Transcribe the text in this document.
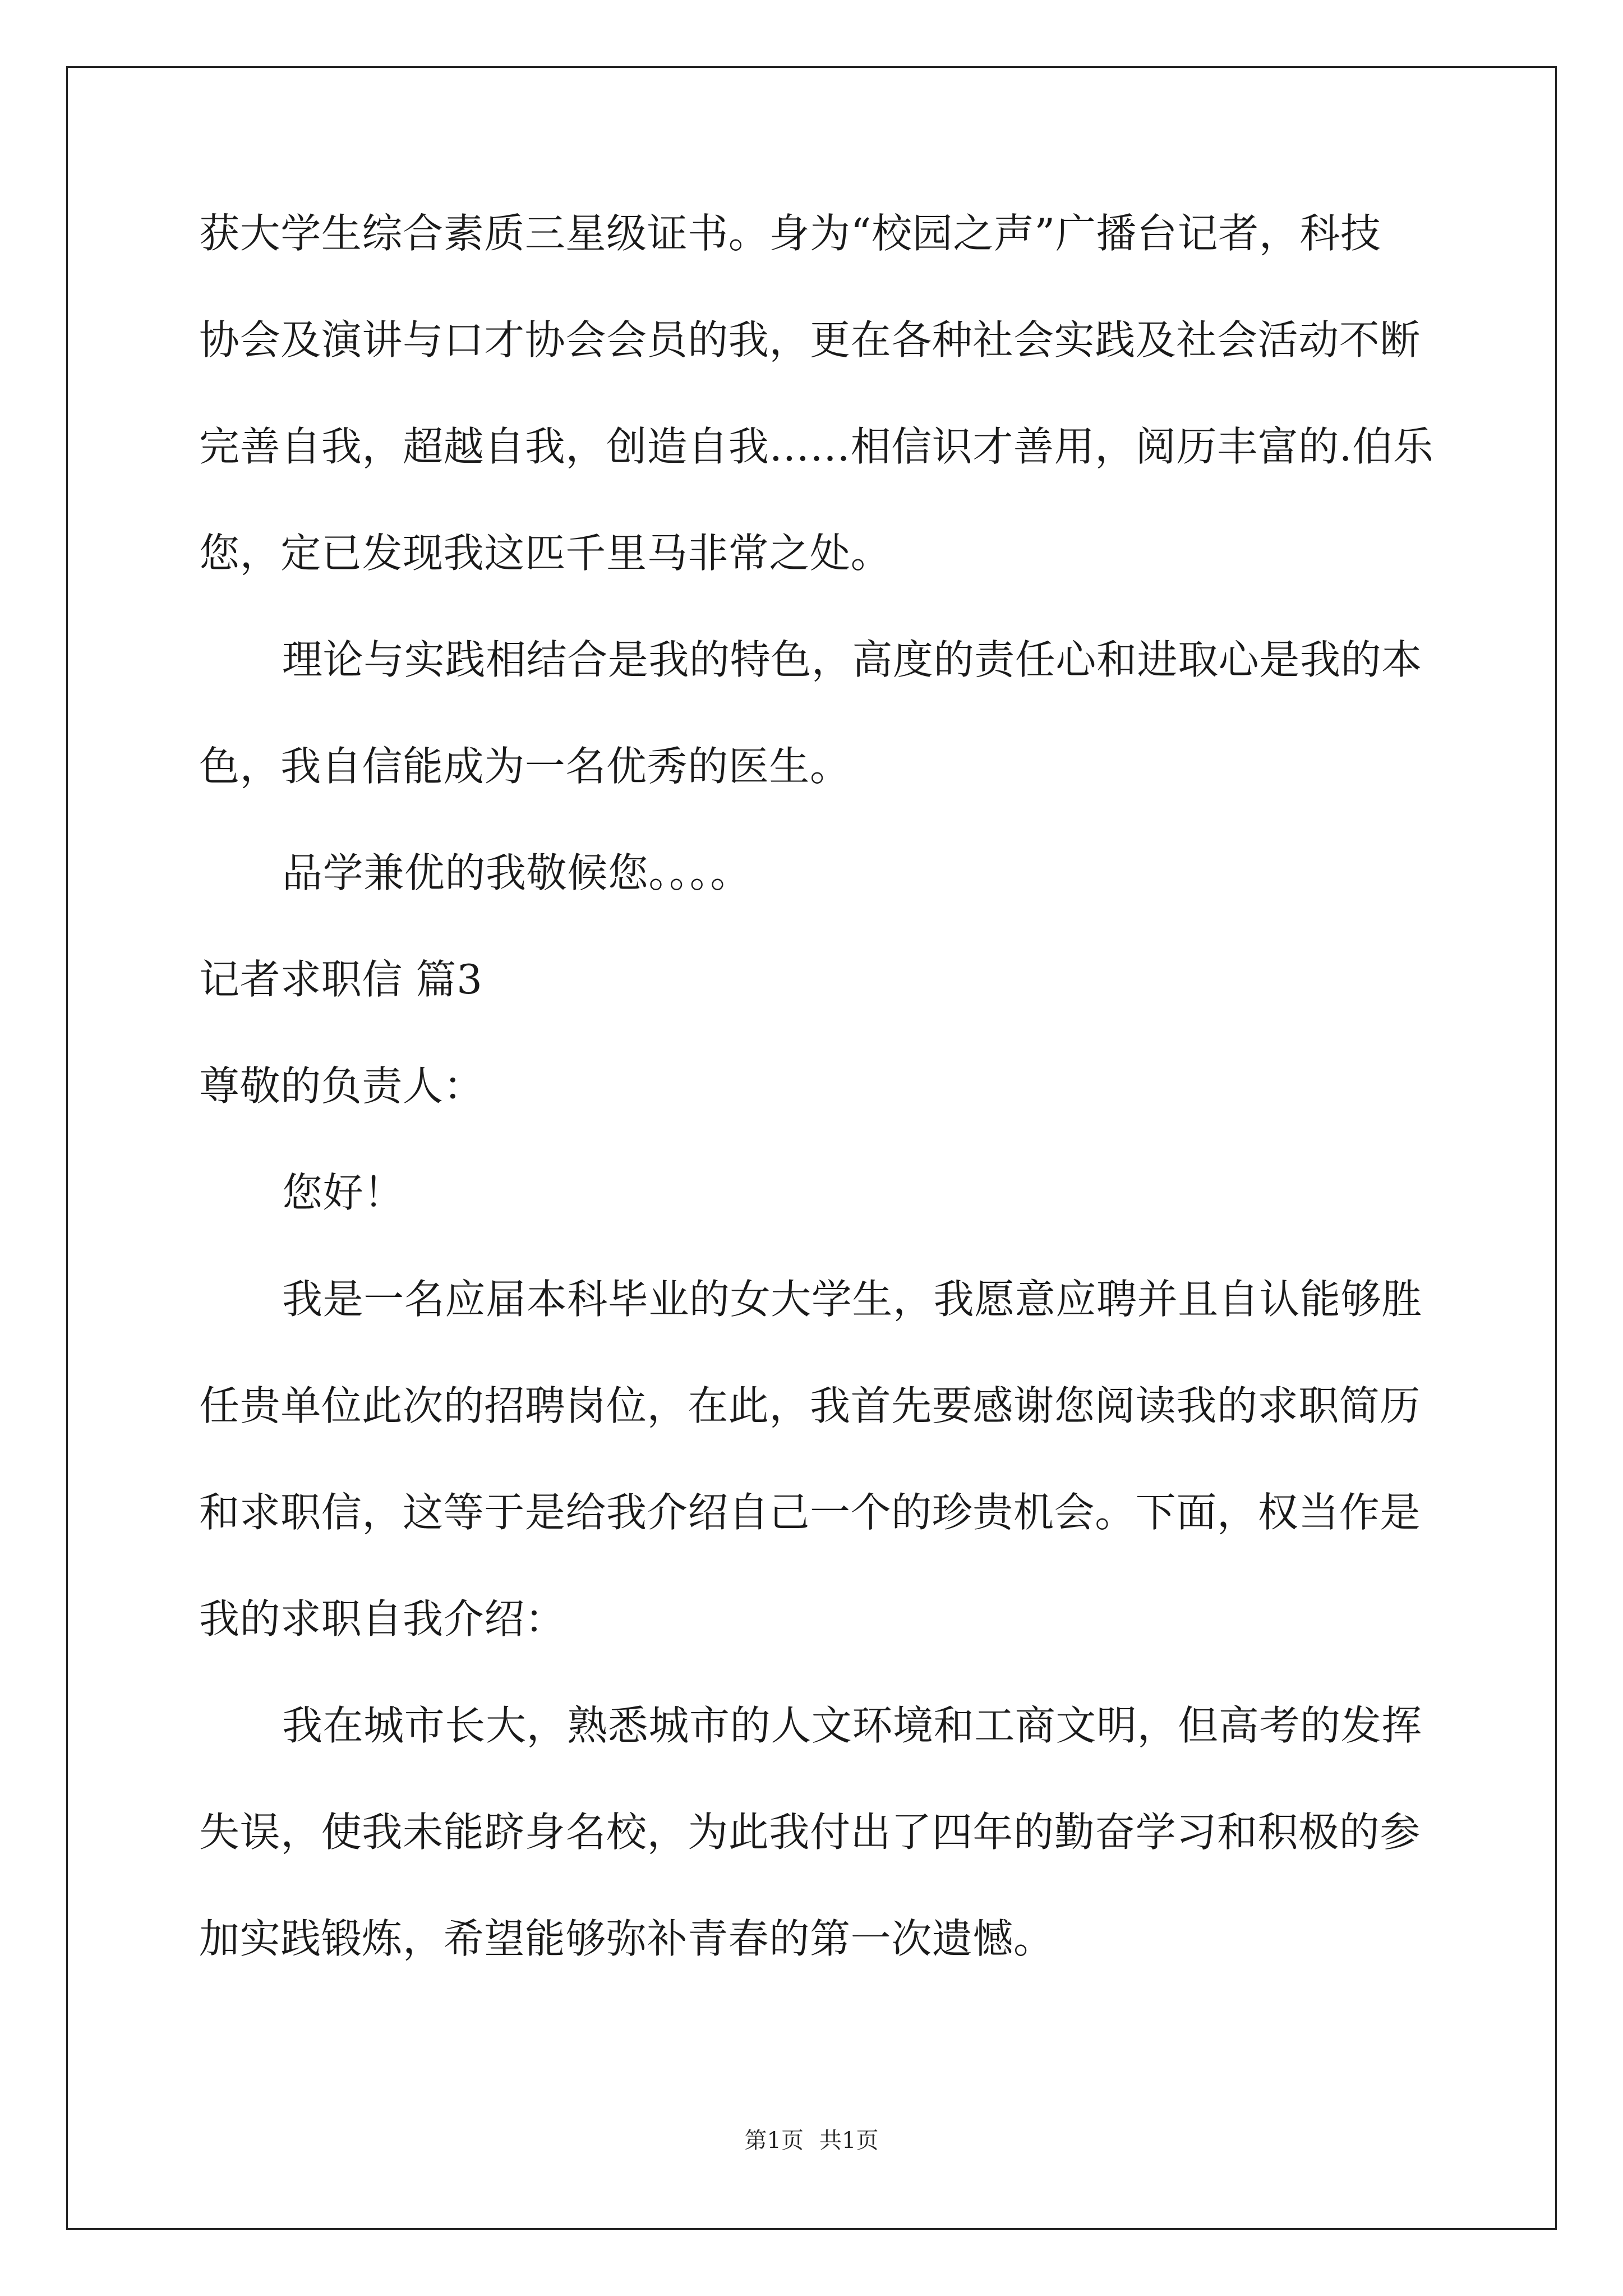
获大学生综合素质三星级证书。身为“校园之声”广播台记者，科技
协会及演讲与口才协会会员的我，更在各种社会实践及社会活动不断
完善自我，超越自我，创造自我……相信识才善用，阅历丰富的.伯乐
您，定已发现我这匹千里马非常之处。
理论与实践相结合是我的特色，高度的责任心和进取心是我的本
色，我自信能成为一名优秀的医生。
品学兼优的我敬候您。。。。
记者求职信 篇3
尊敬的负责人：
您好！
我是一名应届本科毕业的女大学生，我愿意应聘并且自认能够胜
任贵单位此次的招聘岗位，在此，我首先要感谢您阅读我的求职简历
和求职信，这等于是给我介绍自己一个的珍贵机会。下面，权当作是
我的求职自我介绍：
我在城市长大，熟悉城市的人文环境和工商文明，但高考的发挥
失误，使我未能跻身名校，为此我付出了四年的勤奋学习和积极的参
加实践锻炼，希望能够弥补青春的第一次遗憾。
第1页 共1页
